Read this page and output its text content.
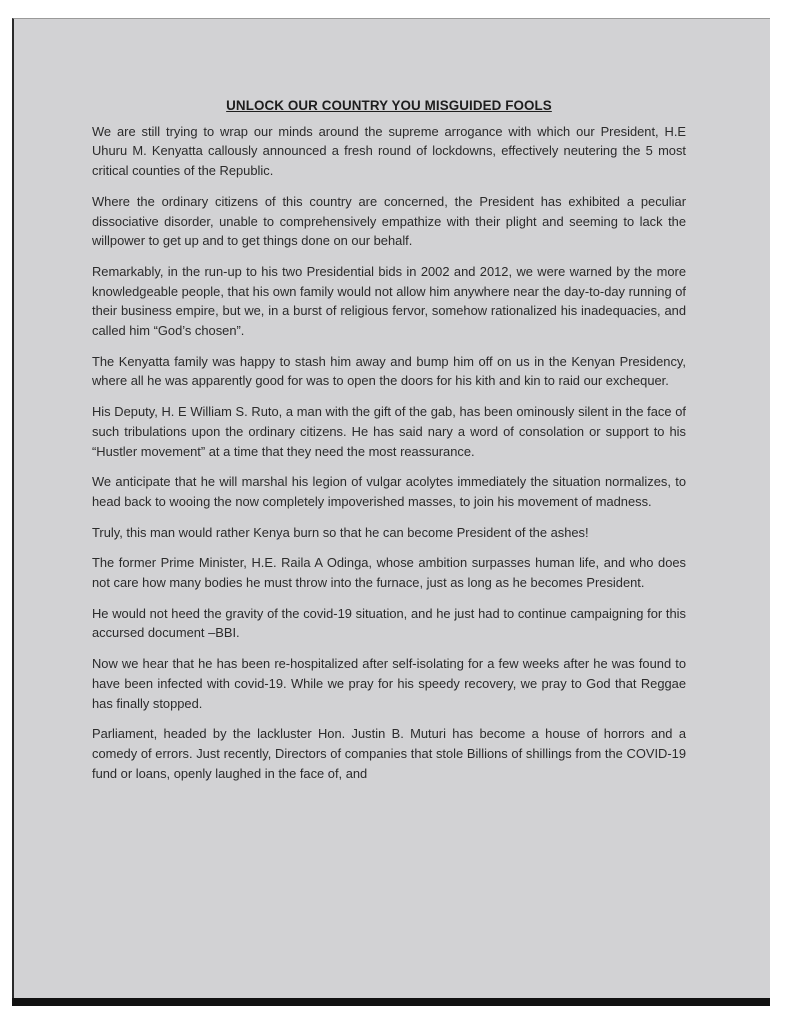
UNLOCK OUR COUNTRY YOU MISGUIDED FOOLS

We are still trying to wrap our minds around the supreme arrogance with which our President, H.E Uhuru M. Kenyatta callously announced a fresh round of lockdowns, effectively neutering the 5 most critical counties of the Republic.

Where the ordinary citizens of this country are concerned, the President has exhibited a peculiar dissociative disorder, unable to comprehensively empathize with their plight and seeming to lack the willpower to get up and to get things done on our behalf.

Remarkably, in the run-up to his two Presidential bids in 2002 and 2012, we were warned by the more knowledgeable people, that his own family would not allow him anywhere near the day-to-day running of their business empire, but we, in a burst of religious fervor, somehow rationalized his inadequacies, and called him “God’s chosen”.

The Kenyatta family was happy to stash him away and bump him off on us in the Kenyan Presidency, where all he was apparently good for was to open the doors for his kith and kin to raid our exchequer.

His Deputy, H. E William S. Ruto, a man with the gift of the gab, has been ominously silent in the face of such tribulations upon the ordinary citizens. He has said nary a word of consolation or support to his “Hustler movement” at a time that they need the most reassurance.

We anticipate that he will marshal his legion of vulgar acolytes immediately the situation normalizes, to head back to wooing the now completely impoverished masses, to join his movement of madness.

Truly, this man would rather Kenya burn so that he can become President of the ashes!

The former Prime Minister, H.E. Raila A Odinga, whose ambition surpasses human life, and who does not care how many bodies he must throw into the furnace, just as long as he becomes President.

He would not heed the gravity of the covid-19 situation, and he just had to continue campaigning for this accursed document –BBI.

Now we hear that he has been re-hospitalized after self-isolating for a few weeks after he was found to have been infected with covid-19. While we pray for his speedy recovery, we pray to God that Reggae has finally stopped.

Parliament, headed by the lackluster Hon. Justin B. Muturi has become a house of horrors and a comedy of errors. Just recently, Directors of companies that stole Billions of shillings from the COVID-19 fund or loans, openly laughed in the face of, and
